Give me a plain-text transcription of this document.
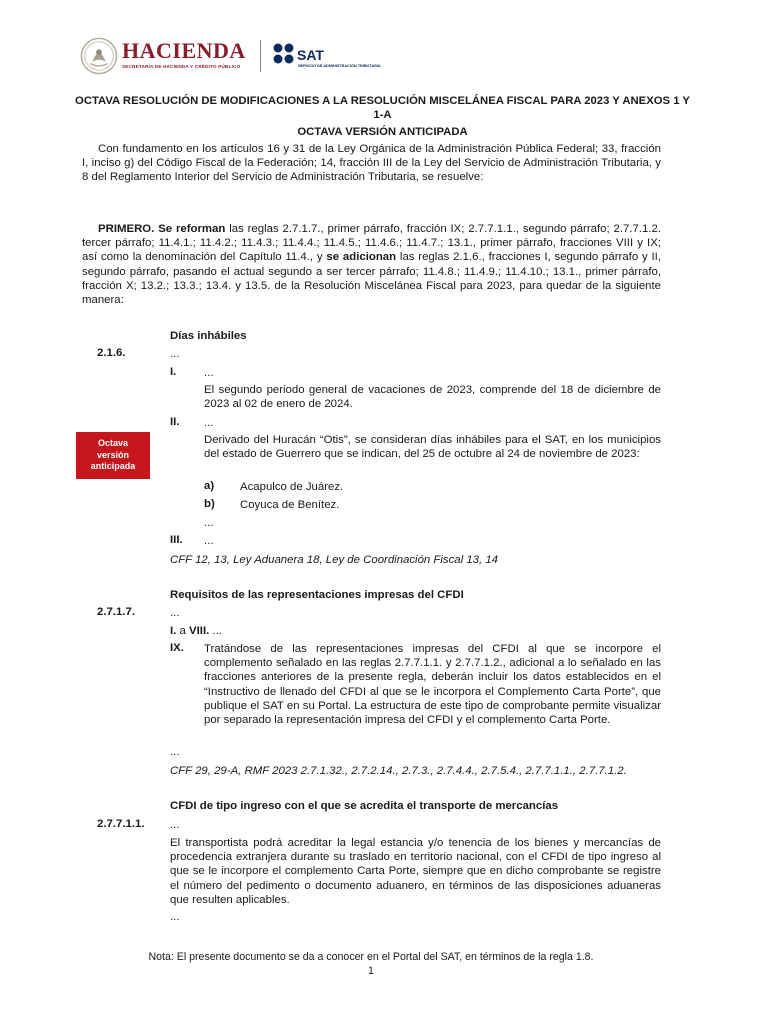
HACIENDA
SECRETARÍA DE HACIENDA Y CRÉDITO PÚBLICO
SAT
SERVICIO DE ADMINISTRACIÓN TRIBUTARIA
OCTAVA RESOLUCIÓN DE MODIFICACIONES A LA RESOLUCIÓN MISCELÁNEA FISCAL PARA 2023 Y ANEXOS 1 Y 1-A
OCTAVA VERSIÓN ANTICIPADA
Con fundamento en los artículos 16 y 31 de la Ley Orgánica de la Administración Pública Federal; 33, fracción I, inciso g) del Código Fiscal de la Federación; 14, fracción III de la Ley del Servicio de Administración Tributaria, y 8 del Reglamento Interior del Servicio de Administración Tributaria, se resuelve:
PRIMERO. Se reforman las reglas 2.7.1.7., primer párrafo, fracción IX; 2.7.7.1.1., segundo párrafo; 2.7.7.1.2. tercer párrafo; 11.4.1.; 11.4.2.; 11.4.3.; 11.4.4.; 11.4.5.; 11.4.6.; 11.4.7.; 13.1., primer párrafo, fracciones VIII y IX; así como la denominación del Capítulo 11.4., y se adicionan las reglas 2.1.6., fracciones I, segundo párrafo y II, segundo párrafo, pasando el actual segundo a ser tercer párrafo; 11.4.8.; 11.4.9.; 11.4.10.; 13.1., primer párrafo, fracción X; 13.2.; 13.3.; 13.4. y 13.5. de la Resolución Miscelánea Fiscal para 2023, para quedar de la siguiente manera:
Días inhábiles
2.1.6.	...
I. ...
El segundo periodo general de vacaciones de 2023, comprende del 18 de diciembre de 2023 al 02 de enero de 2024.
II. ...
Octava
versión
anticipada
Derivado del Huracán “Otis”, se consideran días inhábiles para el SAT, en los municipios del estado de Guerrero que se indican, del 25 de octubre al 24 de noviembre de 2023:
a) Acapulco de Juárez.
b) Coyuca de Benítez.
...
III. ...
CFF 12, 13, Ley Aduanera 18, Ley de Coordinación Fiscal 13, 14
Requisitos de las representaciones impresas del CFDI
2.7.1.7.	...
I. a VIII. ...
IX. Tratándose de las representaciones impresas del CFDI al que se incorpore el complemento señalado en las reglas 2.7.7.1.1. y 2.7.7.1.2., adicional a lo señalado en las fracciones anteriores de la presente regla, deberán incluir los datos establecidos en el “Instructivo de llenado del CFDI al que se le incorpora el Complemento Carta Porte”, que publique el SAT en su Portal. La estructura de este tipo de comprobante permite visualizar por separado la representación impresa del CFDI y el complemento Carta Porte.
...
CFF 29, 29-A, RMF 2023 2.7.1.32., 2.7.2.14., 2.7.3., 2.7.4.4., 2.7.5.4., 2.7.7.1.1., 2.7.7.1.2.
CFDI de tipo ingreso con el que se acredita el transporte de mercancías
2.7.7.1.1. ...
El transportista podrá acreditar la legal estancia y/o tenencia de los bienes y mercancías de procedencia extranjera durante su traslado en territorio nacional, con el CFDI de tipo ingreso al que se le incorpore el complemento Carta Porte, siempre que en dicho comprobante se registre el número del pedimento o documento aduanero, en términos de las disposiciones aduaneras que resulten aplicables.
...
Nota: El presente documento se da a conocer en el Portal del SAT, en términos de la regla 1.8.
1
